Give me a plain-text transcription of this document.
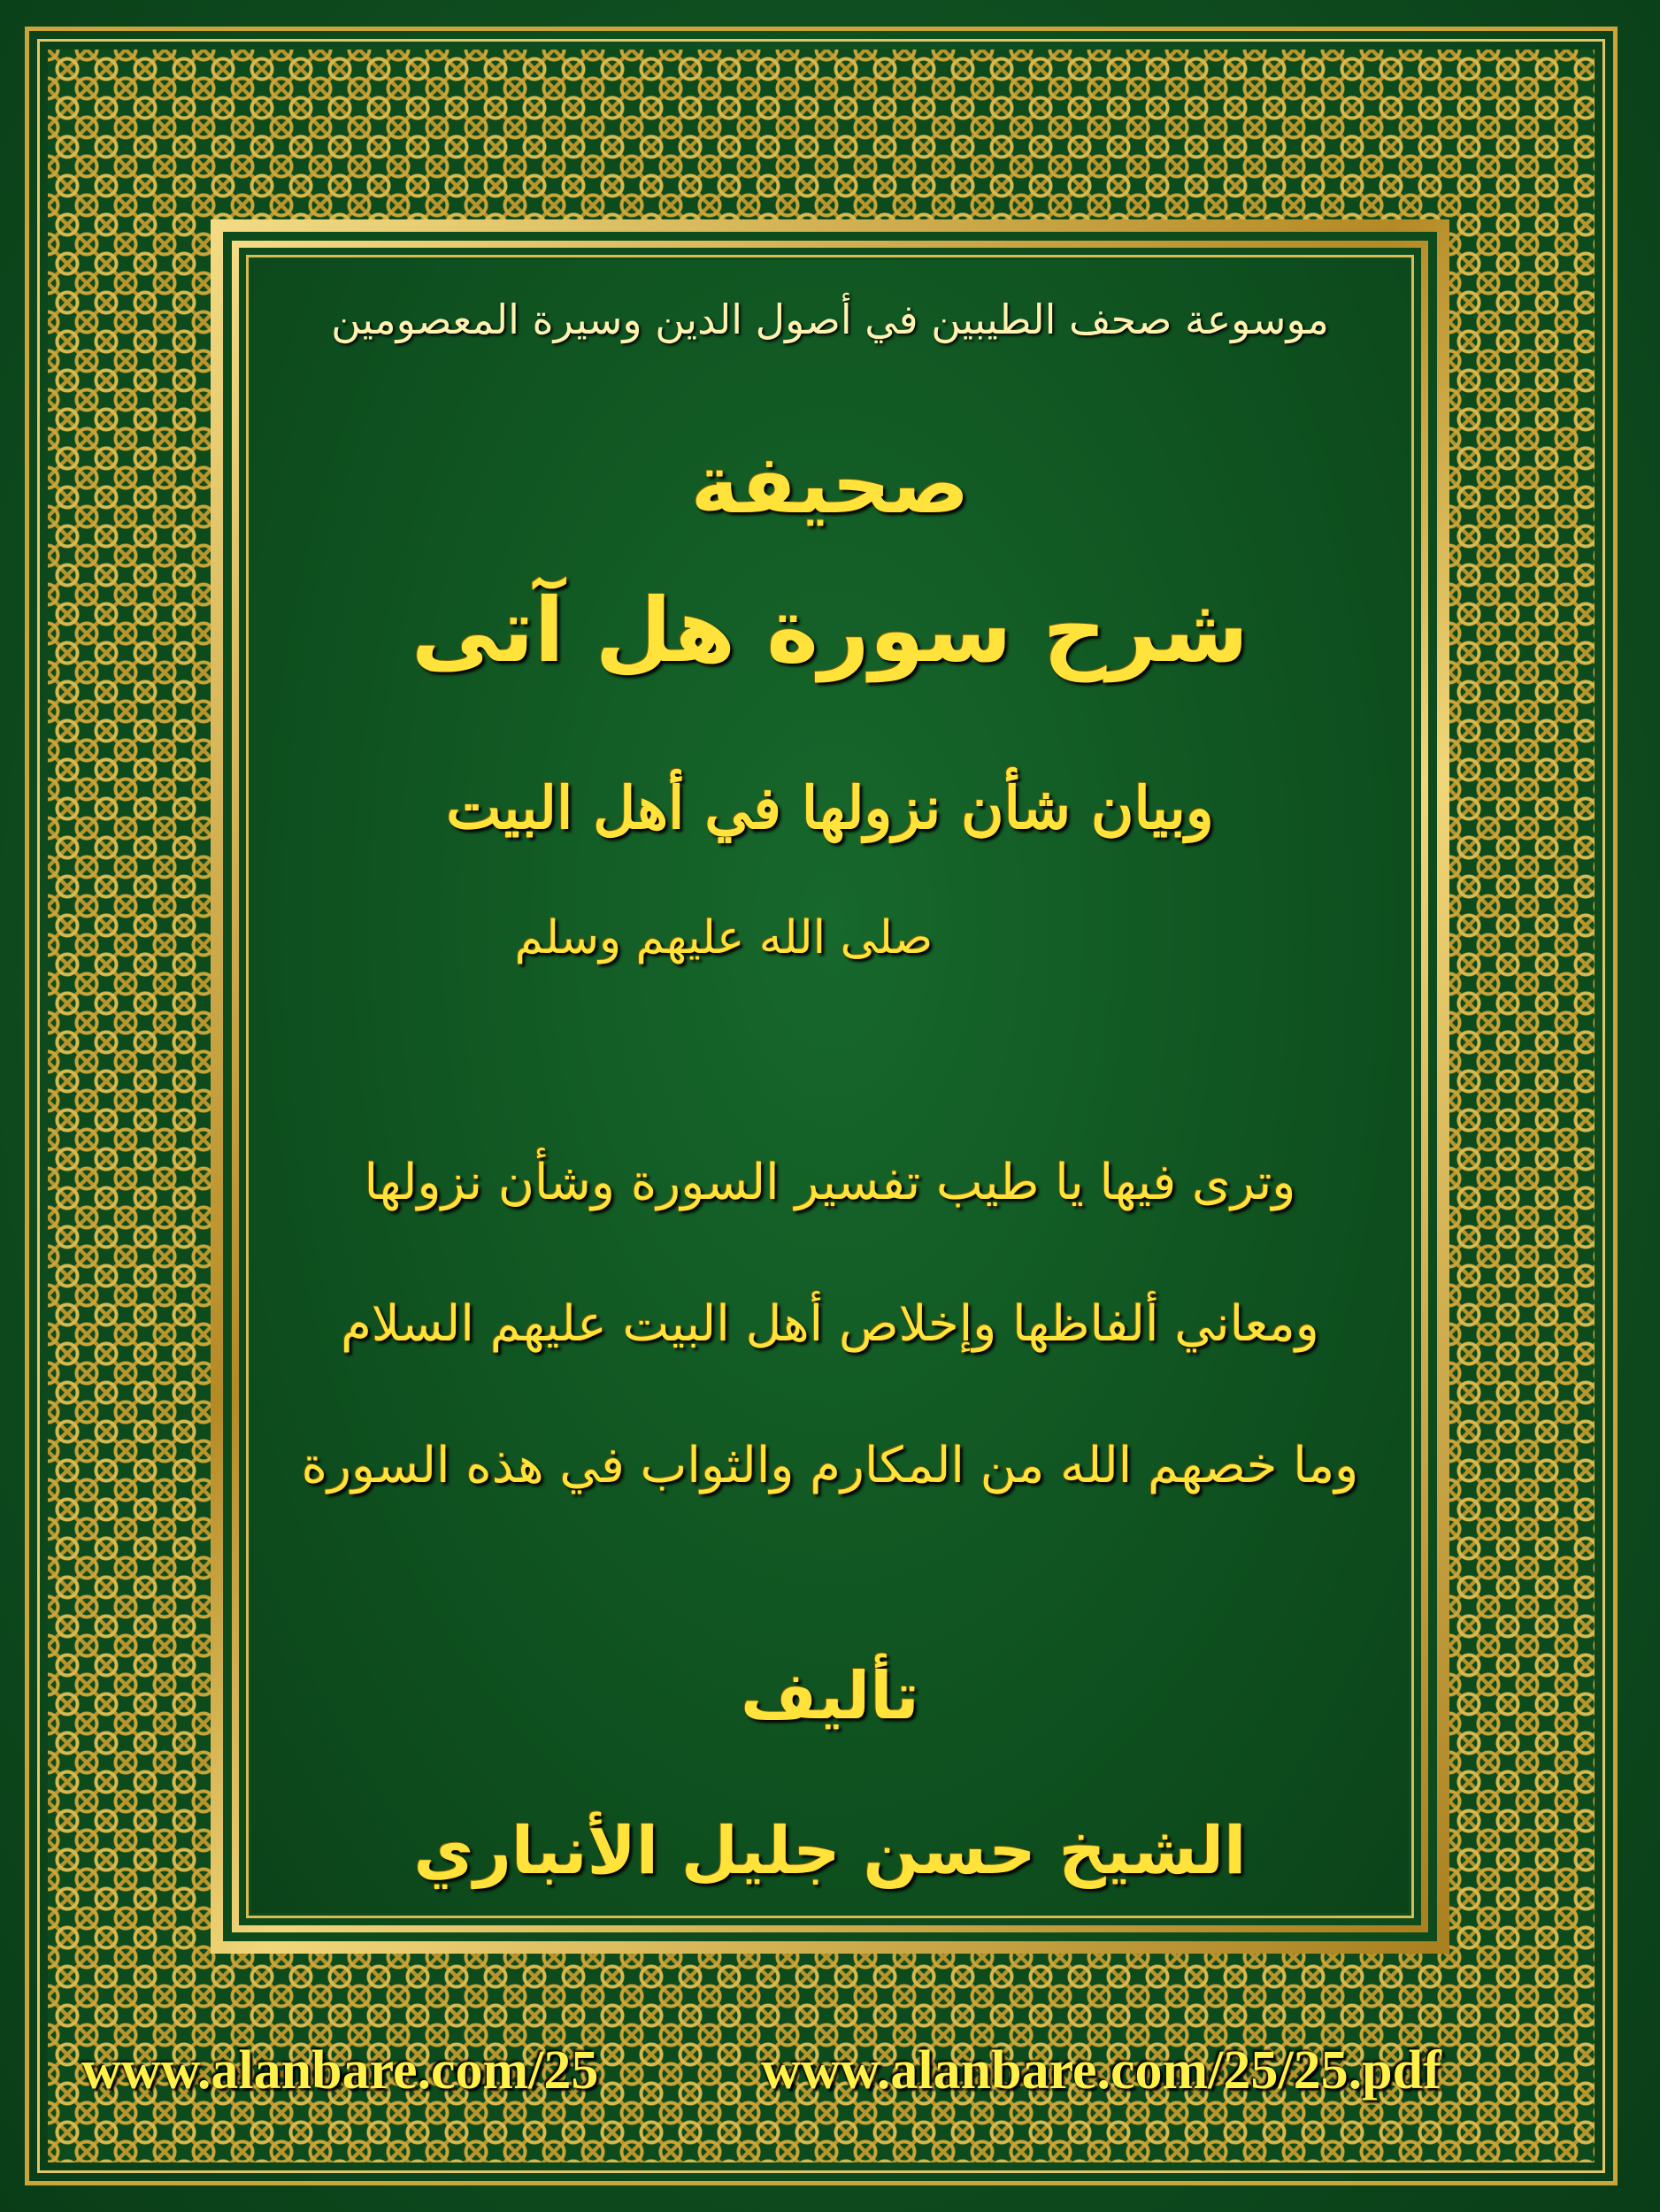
موسوعة صحف الطيبين في أصول الدين وسيرة المعصومين
صحيفة
شرح سورة هل آتى
وبيان شأن نزولها في أهل البيت
صلى الله عليهم وسلم
وترى فيها يا طيب تفسير السورة وشأن نزولها
ومعاني ألفاظها وإخلاص أهل البيت عليهم السلام
وما خصهم الله من المكارم والثواب في هذه السورة
تأليف
الشيخ حسن جليل الأنباري
www.alanbare.com/25	www.alanbare.com/25/25.pdf
